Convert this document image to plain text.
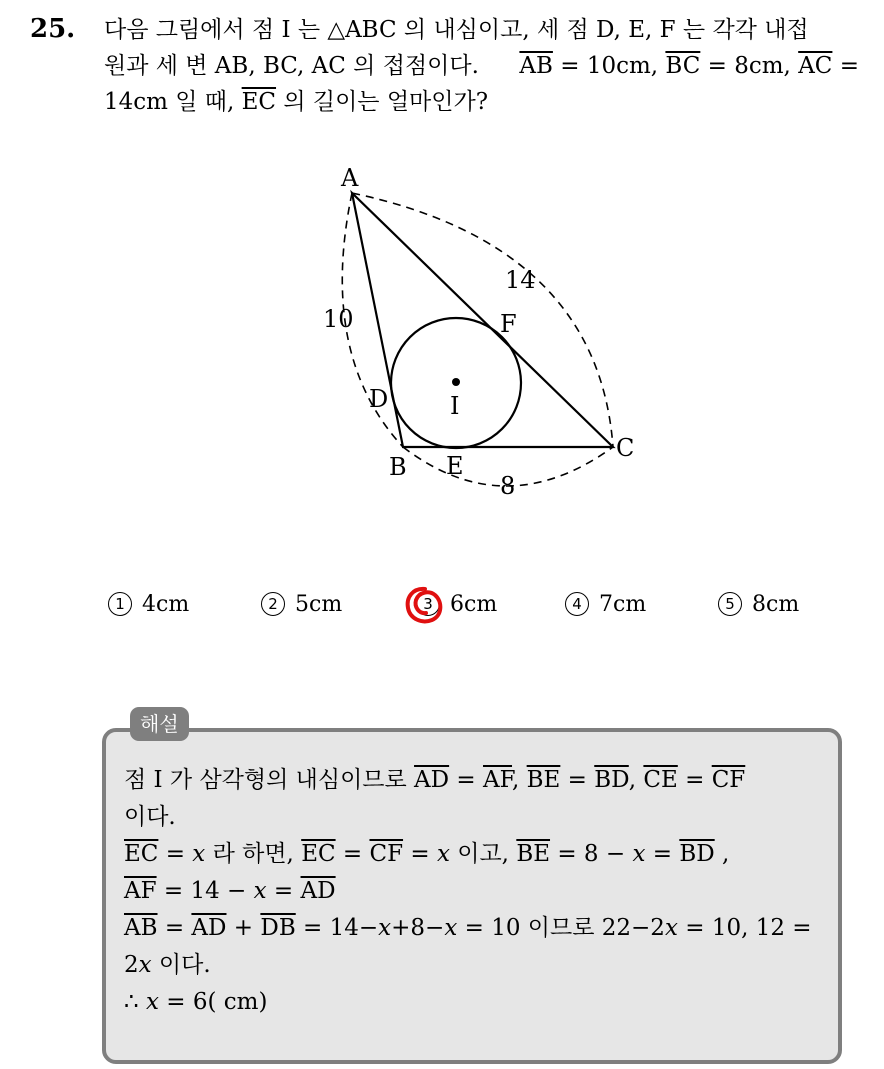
25. 다음 그림에서 점 I 는 △ABC 의 내심이고, 세 점 D, E, F 는 각각 내접
원과 세 변 AB, BC, AC 의 접점이다. $\overline{AB} = 10cm$, $\overline{BC} = 8cm$, $\overline{AC}$ =
14cm 일 때, $\overline{EC}$ 의 길이는 얼마인가?
A
B
C
D
E
F
I
10
14
8
1 4cm	2 5cm	3 6cm	4 7cm	5 8cm
해설
점 I 가 삼각형의 내심이므로 $\overline{AD} = \overline{AF}$, $\overline{BE} = \overline{BD}$, $\overline{CE} = \overline{CF}$
이다.
$\overline{EC} = x$ 라 하면, $\overline{EC} = \overline{CF} = x$ 이고, $\overline{BE} = 8 - x = \overline{BD}$ ,
$\overline{AF} = 14 - x = \overline{AD}$
$\overline{AB} = \overline{AD} + \overline{DB} = 14-x+8-x = 10$ 이므로 22−2x = 10, 12 =
2x 이다.
∴ x = 6( cm)
